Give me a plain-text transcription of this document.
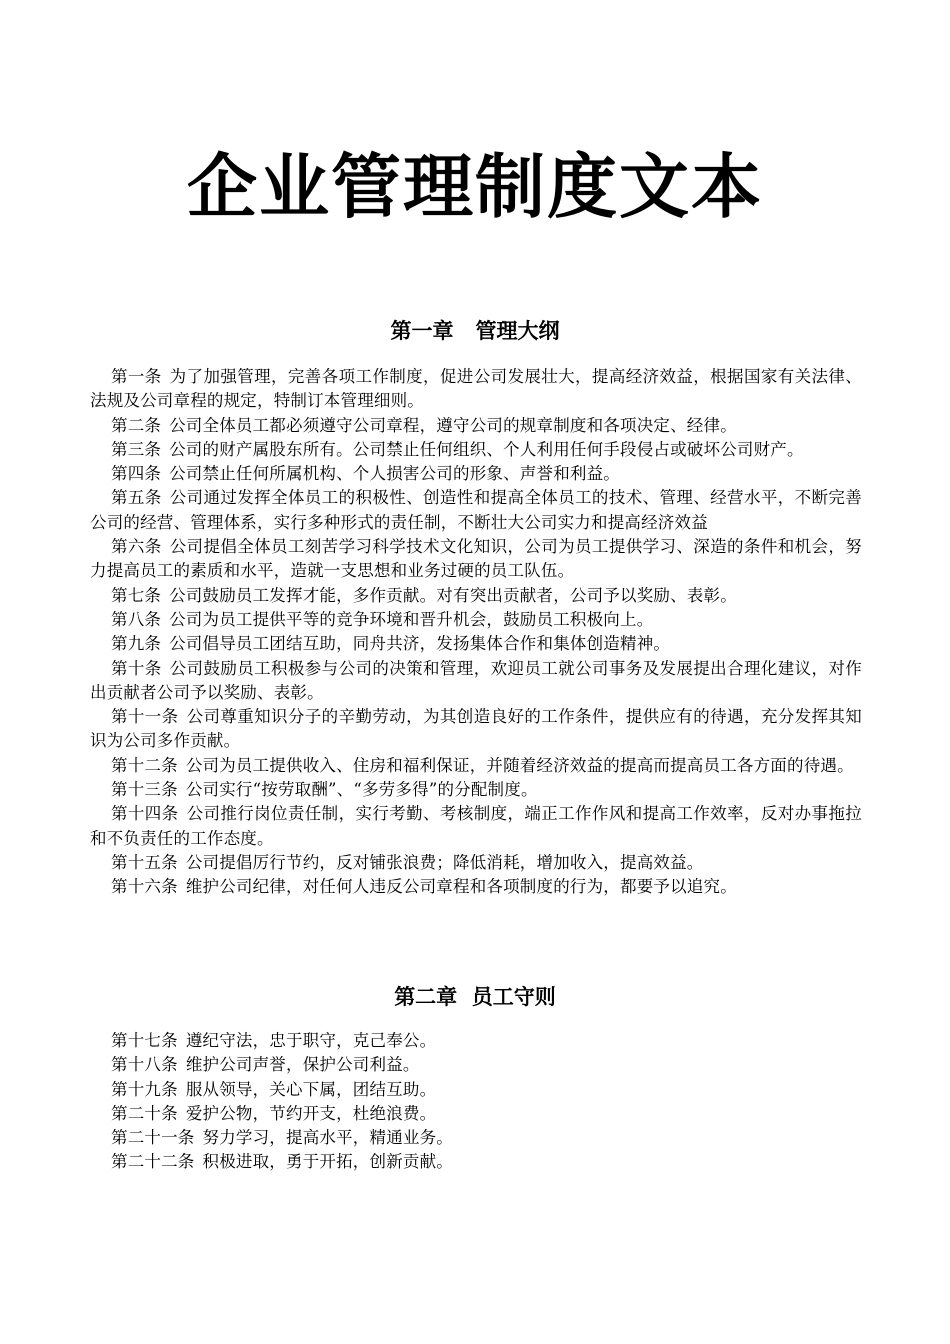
企业管理制度文本
第一章   管理大纲

第一条 为了加强管理，完善各项工作制度，促进公司发展壮大，提高经济效益，根据国家有关法律、法规及公司章程的规定，特制订本管理细则。

第二条 公司全体员工都必须遵守公司章程，遵守公司的规章制度和各项决定、经律。

第三条 公司的财产属股东所有。公司禁止任何组织、个人利用任何手段侵占或破坏公司财产。

第四条 公司禁止任何所属机构、个人损害公司的形象、声誉和利益。

第五条 公司通过发挥全体员工的积极性、创造性和提高全体员工的技术、管理、经营水平，不断完善公司的经营、管理体系，实行多种形式的责任制，不断壮大公司实力和提高经济效益

第六条 公司提倡全体员工刻苦学习科学技术文化知识，公司为员工提供学习、深造的条件和机会，努力提高员工的素质和水平，造就一支思想和业务过硬的员工队伍。

第七条 公司鼓励员工发挥才能，多作贡献。对有突出贡献者，公司予以奖励、表彰。

第八条 公司为员工提供平等的竞争环境和晋升机会，鼓励员工积极向上。

第九条 公司倡导员工团结互助，同舟共济，发扬集体合作和集体创造精神。

第十条 公司鼓励员工积极参与公司的决策和管理，欢迎员工就公司事务及发展提出合理化建议，对作出贡献者公司予以奖励、表彰。

第十一条 公司尊重知识分子的辛勤劳动，为其创造良好的工作条件，提供应有的待遇，充分发挥其知识为公司多作贡献。

第十二条 公司为员工提供收入、住房和福利保证，并随着经济效益的提高而提高员工各方面的待遇。

第十三条 公司实行“按劳取酬”、“多劳多得”的分配制度。

第十四条 公司推行岗位责任制，实行考勤、考核制度，端正工作作风和提高工作效率，反对办事拖拉和不负责任的工作态度。

第十五条 公司提倡厉行节约，反对铺张浪费；降低消耗，增加收入，提高效益。

第十六条 维护公司纪律，对任何人违反公司章程和各项制度的行为，都要予以追究。

第二章  员工守则

第十七条 遵纪守法，忠于职守，克己奉公。

第十八条 维护公司声誉，保护公司利益。

第十九条 服从领导，关心下属，团结互助。

第二十条 爱护公物，节约开支，杜绝浪费。

第二十一条 努力学习，提高水平，精通业务。

第二十二条 积极进取，勇于开拓，创新贡献。
